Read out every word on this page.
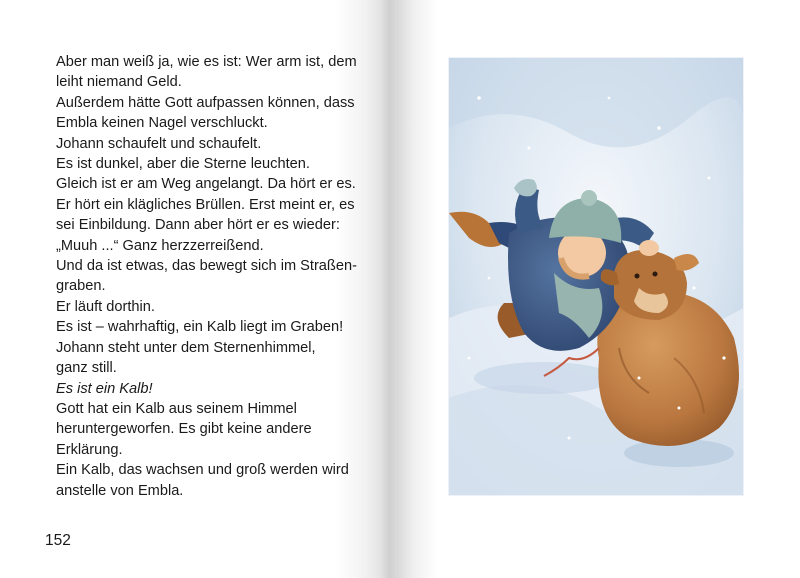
Aber man weiß ja, wie es ist: Wer arm ist, dem
leiht niemand Geld.
Außerdem hätte Gott aufpassen können, dass
Embla keinen Nagel verschluckt.
Johann schaufelt und schaufelt.
Es ist dunkel, aber die Sterne leuchten.
Gleich ist er am Weg angelangt. Da hört er es.
Er hört ein klägliches Brüllen. Erst meint er, es
sei Einbildung. Dann aber hört er es wieder:
„Muuh ...“ Ganz herzzerreißend.
Und da ist etwas, das bewegt sich im Straßen-
graben.
Er läuft dorthin.
Es ist – wahrhaftig, ein Kalb liegt im Graben!
Johann steht unter dem Sternenhimmel,
ganz still.
Es ist ein Kalb!
Gott hat ein Kalb aus seinem Himmel
heruntergeworfen. Es gibt keine andere
Erklärung.
Ein Kalb, das wachsen und groß werden wird
anstelle von Embla.
152
